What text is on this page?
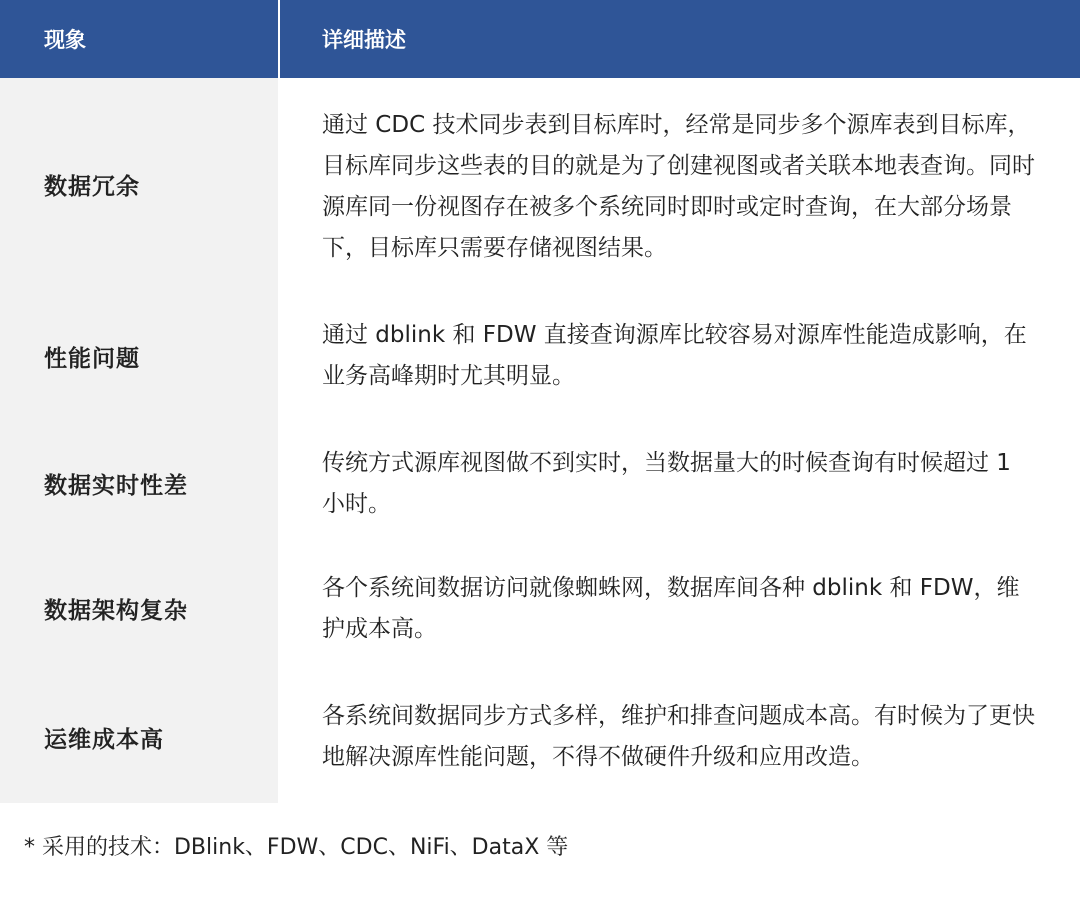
现象	详细描述
数据冗余
通过 CDC 技术同步表到目标库时，经常是同步多个源库表到目标库，目标库同步这些表的目的就是为了创建视图或者关联本地表查询。同时源库同一份视图存在被多个系统同时即时或定时查询，在大部分场景下，目标库只需要存储视图结果。
性能问题
通过 dblink 和 FDW 直接查询源库比较容易对源库性能造成影响，在业务高峰期时尤其明显。
数据实时性差
传统方式源库视图做不到实时，当数据量大的时候查询有时候超过 1 小时。
数据架构复杂
各个系统间数据访问就像蜘蛛网，数据库间各种 dblink 和 FDW，维护成本高。
运维成本高
各系统间数据同步方式多样，维护和排查问题成本高。有时候为了更快地解决源库性能问题，不得不做硬件升级和应用改造。
* 采用的技术：DBlink、FDW、CDC、NiFi、DataX 等
